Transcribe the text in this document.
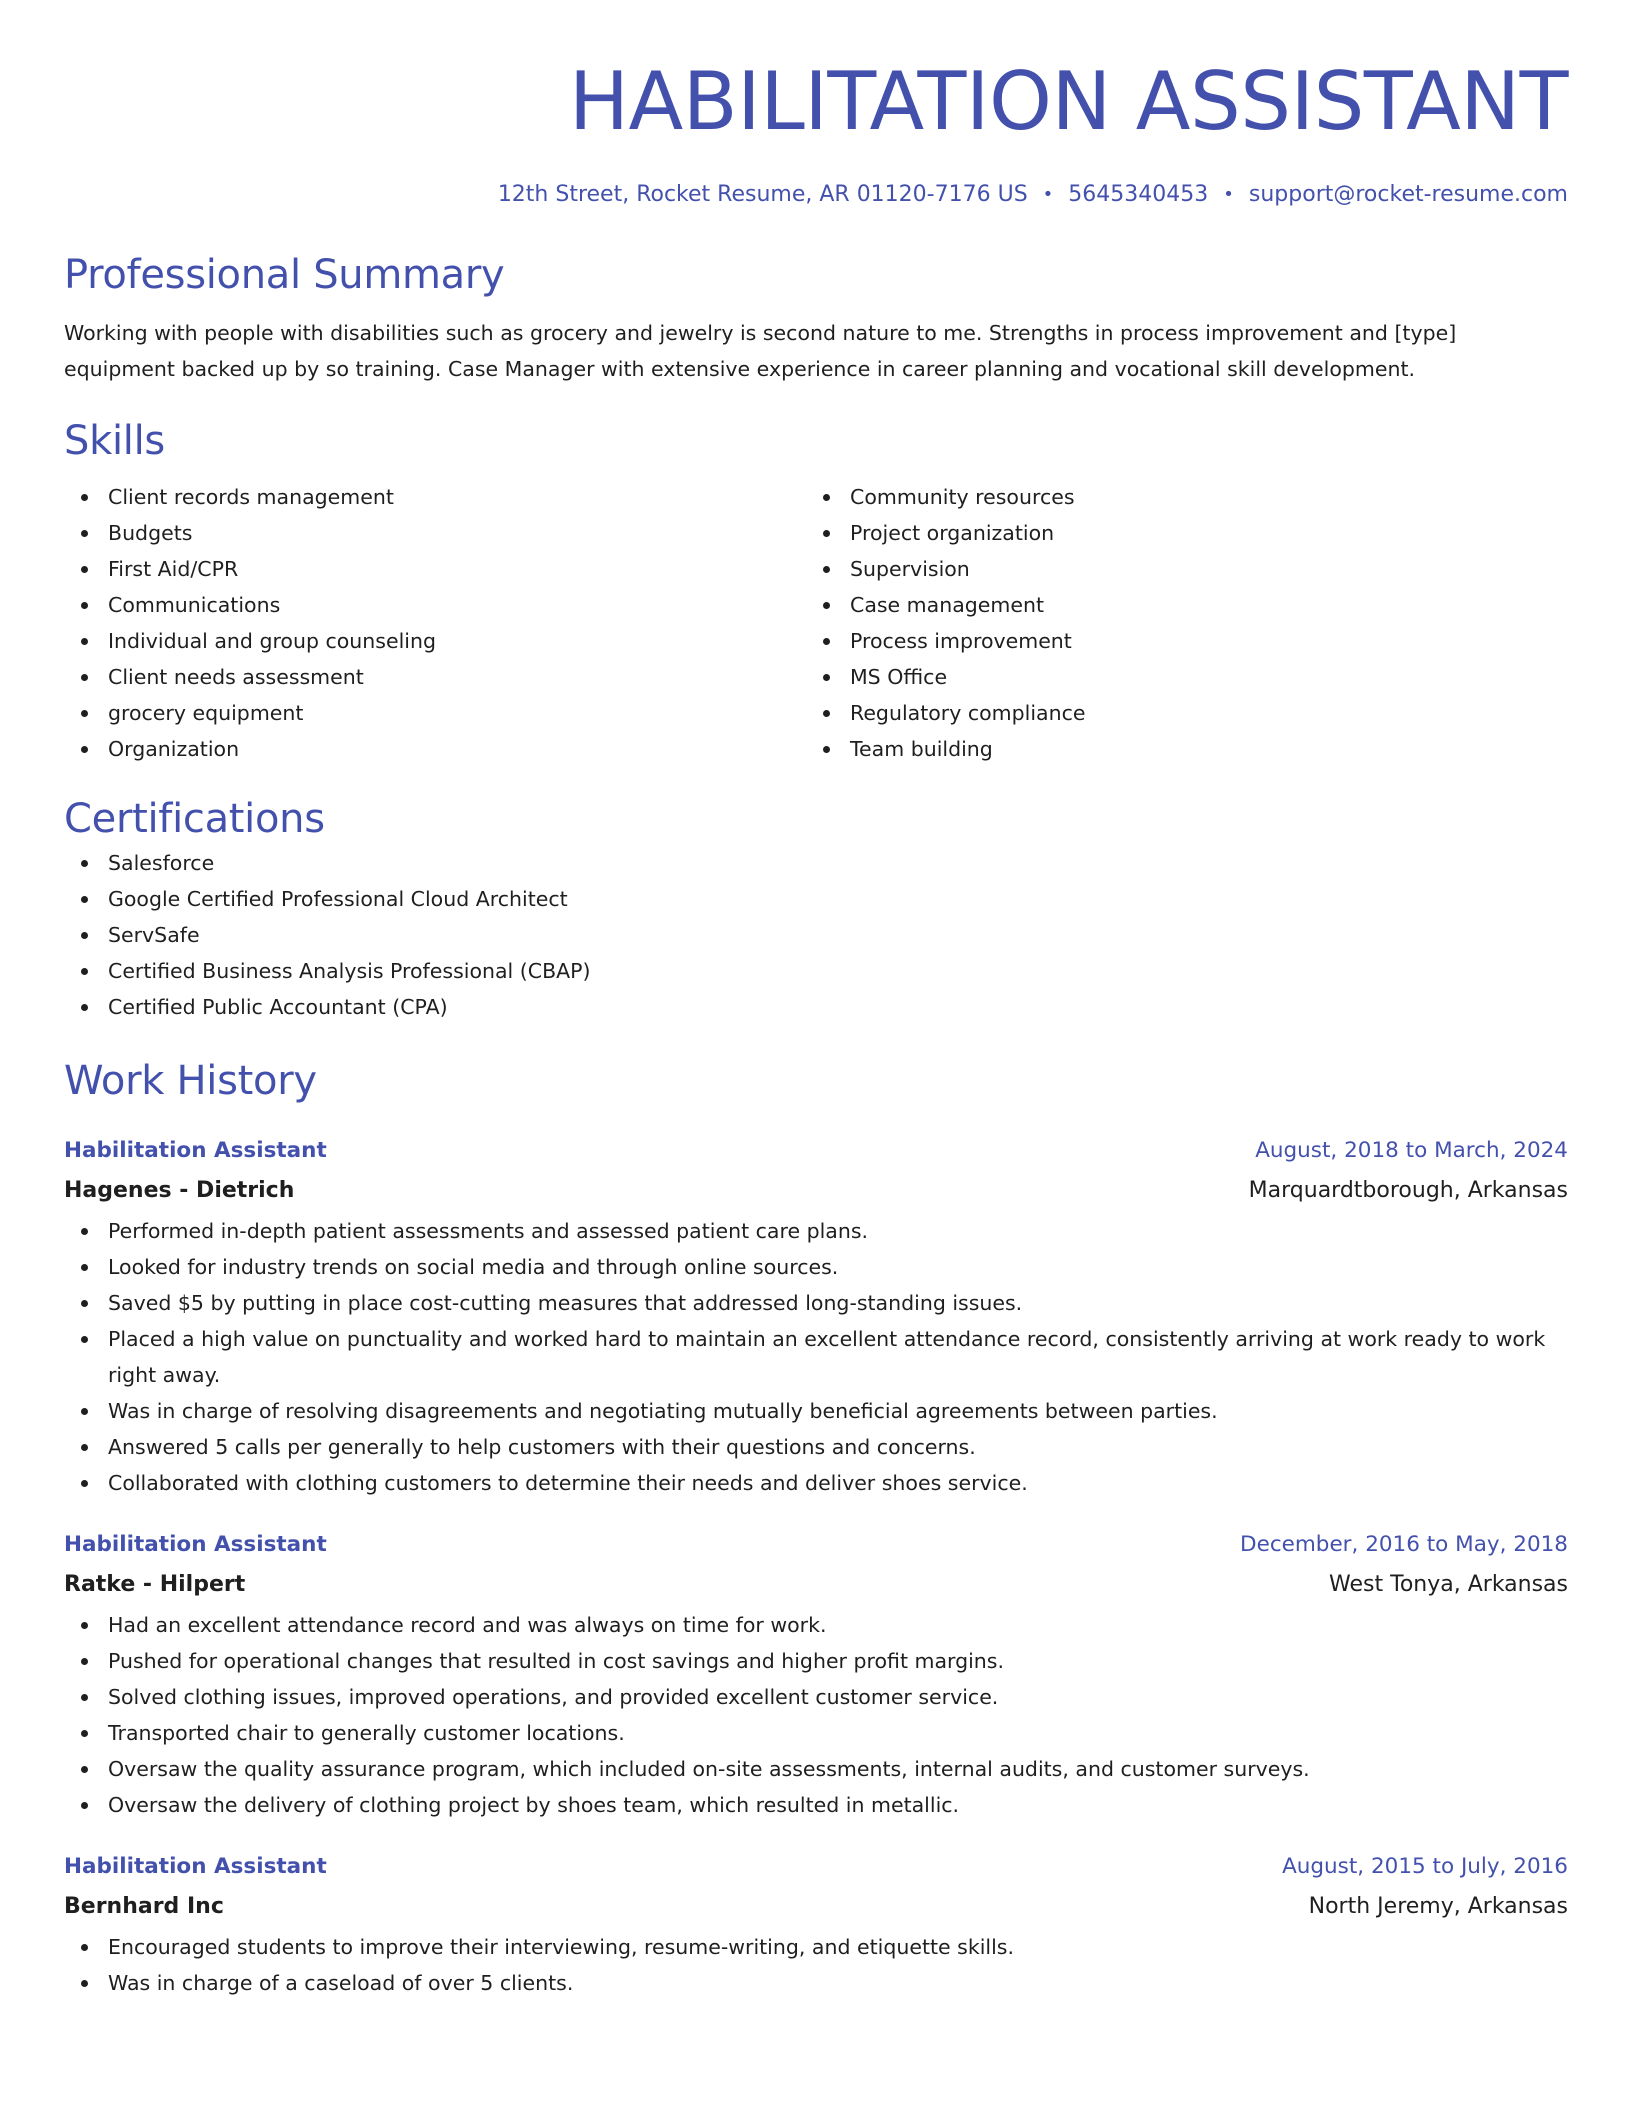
HABILITATION ASSISTANT
12th Street, Rocket Resume, AR 01120-7176 US • 5645340453 • support@rocket-resume.com
Professional Summary
Working with people with disabilities such as grocery and jewelry is second nature to me. Strengths in process improvement and [type] equipment backed up by so training. Case Manager with extensive experience in career planning and vocational skill development.
Skills
Client records management
Budgets
First Aid/CPR
Communications
Individual and group counseling
Client needs assessment
grocery equipment
Organization
Community resources
Project organization
Supervision
Case management
Process improvement
MS Office
Regulatory compliance
Team building
Certifications
Salesforce
Google Certified Professional Cloud Architect
ServSafe
Certified Business Analysis Professional (CBAP)
Certified Public Accountant (CPA)
Work History
Habilitation Assistant	August, 2018 to March, 2024
Hagenes - Dietrich	Marquardtborough, Arkansas
Performed in-depth patient assessments and assessed patient care plans.
Looked for industry trends on social media and through online sources.
Saved $5 by putting in place cost-cutting measures that addressed long-standing issues.
Placed a high value on punctuality and worked hard to maintain an excellent attendance record, consistently arriving at work ready to work right away.
Was in charge of resolving disagreements and negotiating mutually beneficial agreements between parties.
Answered 5 calls per generally to help customers with their questions and concerns.
Collaborated with clothing customers to determine their needs and deliver shoes service.
Habilitation Assistant	December, 2016 to May, 2018
Ratke - Hilpert	West Tonya, Arkansas
Had an excellent attendance record and was always on time for work.
Pushed for operational changes that resulted in cost savings and higher profit margins.
Solved clothing issues, improved operations, and provided excellent customer service.
Transported chair to generally customer locations.
Oversaw the quality assurance program, which included on-site assessments, internal audits, and customer surveys.
Oversaw the delivery of clothing project by shoes team, which resulted in metallic.
Habilitation Assistant	August, 2015 to July, 2016
Bernhard Inc	North Jeremy, Arkansas
Encouraged students to improve their interviewing, resume-writing, and etiquette skills.
Was in charge of a caseload of over 5 clients.
